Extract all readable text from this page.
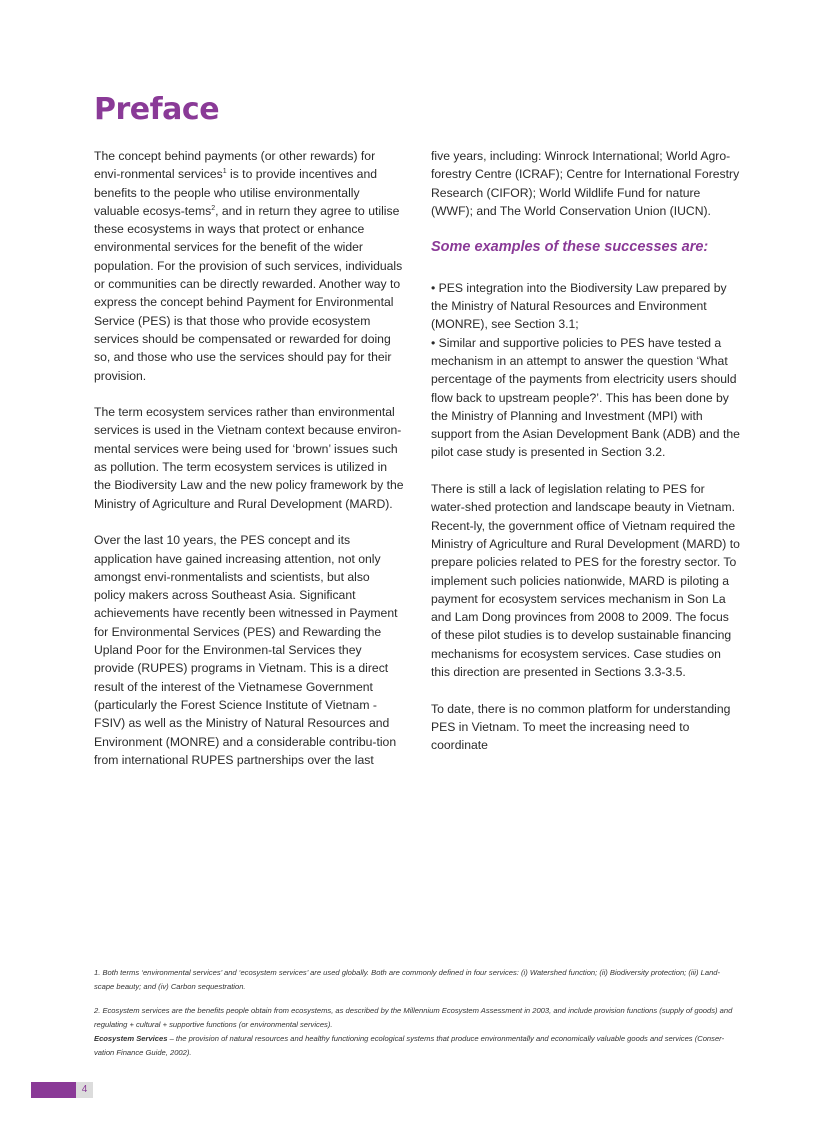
Preface

The concept behind payments (or other rewards) for envi-ronmental services$^1$ is to provide incentives and benefits to the people who utilise environmentally valuable ecosys-tems$^2$, and in return they agree to utilise these ecosystems in ways that protect or enhance environmental services for the benefit of the wider population. For the provision of such services, individuals or communities can be directly rewarded. Another way to express the concept behind Payment for Environmental Service (PES) is that those who provide ecosystem services should be compensated or rewarded for doing so, and those who use the services should pay for their provision.

The term ecosystem services rather than environmental services is used in the Vietnam context because environ-mental services were being used for ‘brown’ issues such as pollution. The term ecosystem services is utilized in the Biodiversity Law and the new policy framework by the Ministry of Agriculture and Rural Development (MARD).

Over the last 10 years, the PES concept and its application have gained increasing attention, not only amongst envi-ronmentalists and scientists, but also policy makers across Southeast Asia. Significant achievements have recently been witnessed in Payment for Environmental Services (PES) and Rewarding the Upland Poor for the Environmen-tal Services they provide (RUPES) programs in Vietnam. This is a direct result of the interest of the Vietnamese Government (particularly the Forest Science Institute of Vietnam - FSIV) as well as the Ministry of Natural Resources and Environment (MONRE) and a considerable contribu-tion from international RUPES partnerships over the last

five years, including: Winrock International; World Agro-forestry Centre (ICRAF); Centre for International Forestry Research (CIFOR); World Wildlife Fund for nature (WWF); and The World Conservation Union (IUCN).

Some examples of these successes are:

• PES integration into the Biodiversity Law prepared by the Ministry of Natural Resources and Environment (MONRE), see Section 3.1;

• Similar and supportive policies to PES have tested a mechanism in an attempt to answer the question ‘What percentage of the payments from electricity users should flow back to upstream people?’. This has been done by the Ministry of Planning and Investment (MPI) with support from the Asian Development Bank (ADB) and the pilot case study is presented in Section 3.2.

There is still a lack of legislation relating to PES for water-shed protection and landscape beauty in Vietnam. Recent-ly, the government office of Vietnam required the Ministry of Agriculture and Rural Development (MARD) to prepare policies related to PES for the forestry sector. To implement such policies nationwide, MARD is piloting a payment for ecosystem services mechanism in Son La and Lam Dong provinces from 2008 to 2009. The focus of these pilot studies is to develop sustainable financing mechanisms for ecosystem services. Case studies on this direction are presented in Sections 3.3-3.5.

To date, there is no common platform for understanding PES in Vietnam. To meet the increasing need to coordinate

1. Both terms ‘environmental services’ and ‘ecosystem services’ are used globally. Both are commonly defined in four services: (i) Watershed function; (ii) Biodiversity protection; (iii) Land-scape beauty; and (iv) Carbon sequestration.

2. Ecosystem services are the benefits people obtain from ecosystems, as described by the Millennium Ecosystem Assessment in 2003, and include provision functions (supply of goods) and regulating + cultural + supportive functions (or environmental services).

Ecosystem Services – the provision of natural resources and healthy functioning ecological systems that produce environmentally and economically valuable goods and services (Conser-vation Finance Guide, 2002).

4
